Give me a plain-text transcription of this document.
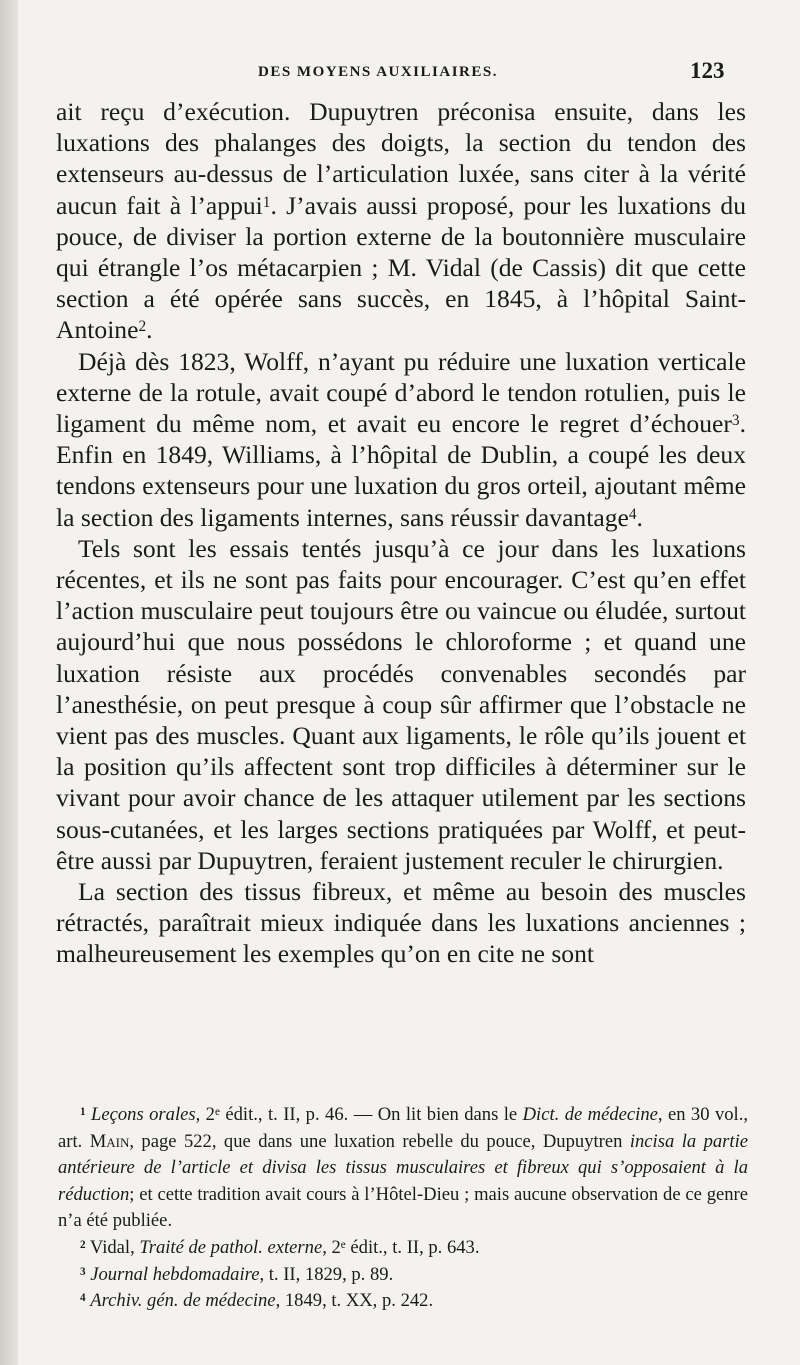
DES MOYENS AUXILIAIRES.	123

ait reçu d’exécution. Dupuytren préconisa ensuite, dans les luxations des phalanges des doigts, la section du tendon des extenseurs au-dessus de l’articulation luxée, sans citer à la vérité aucun fait à l’appui$^1$. J’avais aussi proposé, pour les luxations du pouce, de diviser la portion externe de la boutonnière musculaire qui étrangle l’os métacarpien ; M. Vidal (de Cassis) dit que cette section a été opérée sans succès, en 1845, à l’hôpital Saint-Antoine$^2$.

Déjà dès 1823, Wolff, n’ayant pu réduire une luxation verticale externe de la rotule, avait coupé d’abord le tendon rotulien, puis le ligament du même nom, et avait eu encore le regret d’échouer$^3$. Enfin en 1849, Williams, à l’hôpital de Dublin, a coupé les deux tendons extenseurs pour une luxation du gros orteil, ajoutant même la section des ligaments internes, sans réussir davantage$^4$.

Tels sont les essais tentés jusqu’à ce jour dans les luxations récentes, et ils ne sont pas faits pour encourager. C’est qu’en effet l’action musculaire peut toujours être ou vaincue ou éludée, surtout aujourd’hui que nous possédons le chloroforme ; et quand une luxation résiste aux procédés convenables secondés par l’anesthésie, on peut presque à coup sûr affirmer que l’obstacle ne vient pas des muscles. Quant aux ligaments, le rôle qu’ils jouent et la position qu’ils affectent sont trop difficiles à déterminer sur le vivant pour avoir chance de les attaquer utilement par les sections sous-cutanées, et les larges sections pratiquées par Wolff, et peut-être aussi par Dupuytren, feraient justement reculer le chirurgien.

La section des tissus fibreux, et même au besoin des muscles rétractés, paraîtrait mieux indiquée dans les luxations anciennes ; malheureusement les exemples qu’on en cite ne sont

$^1$ Leçons orales, 2e édit., t. II, p. 46. — On lit bien dans le Dict. de médecine, en 30 vol., art. Main, page 522, que dans une luxation rebelle du pouce, Dupuytren incisa la partie antérieure de l’article et divisa les tissus musculaires et fibreux qui s’opposaient à la réduction; et cette tradition avait cours à l’Hôtel-Dieu ; mais aucune observation de ce genre n’a été publiée.

$^2$ Vidal, Traité de pathol. externe, 2e édit., t. II, p. 643.

$^3$ Journal hebdomadaire, t. II, 1829, p. 89.

$^4$ Archiv. gén. de médecine, 1849, t. XX, p. 242.
